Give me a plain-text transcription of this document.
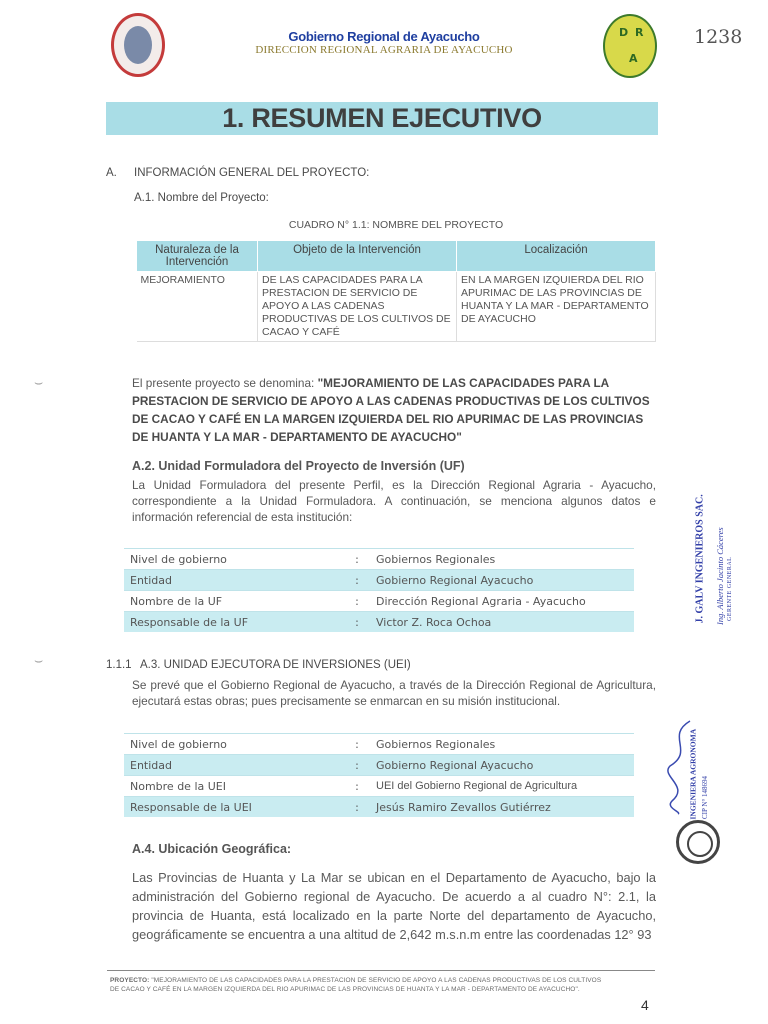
Gobierno Regional de Ayacucho
DIRECCION REGIONAL AGRARIA DE AYACUCHO
D R
A
1238
1. RESUMEN EJECUTIVO
A. INFORMACIÓN GENERAL DEL PROYECTO:
A.1. Nombre del Proyecto:
CUADRO N° 1.1: NOMBRE DEL PROYECTO
Naturaleza de la Intervención	Objeto de la Intervención	Localización
MEJORAMIENTO	DE LAS CAPACIDADES PARA LA PRESTACION DE SERVICIO DE APOYO A LAS CADENAS PRODUCTIVAS DE LOS CULTIVOS DE CACAO Y CAFÉ	EN LA MARGEN IZQUIERDA DEL RIO APURIMAC DE LAS PROVINCIAS DE HUANTA Y LA MAR - DEPARTAMENTO DE AYACUCHO
⌣	El presente proyecto se denomina: "MEJORAMIENTO DE LAS CAPACIDADES PARA LA PRESTACION DE SERVICIO DE APOYO A LAS CADENAS PRODUCTIVAS DE LOS CULTIVOS DE CACAO Y CAFÉ EN LA MARGEN IZQUIERDA DEL RIO APURIMAC DE LAS PROVINCIAS DE HUANTA Y LA MAR - DEPARTAMENTO DE AYACUCHO"
A.2. Unidad Formuladora del Proyecto de Inversión (UF)
La Unidad Formuladora del presente Perfil, es la Dirección Regional Agraria - Ayacucho, correspondiente a la Unidad Formuladora. A continuación, se menciona algunos datos e información referencial de esta institución:
Nivel de gobierno	:	Gobiernos Regionales
Entidad	:	Gobierno Regional Ayacucho
Nombre de la UF	:	Dirección Regional Agraria - Ayacucho
Responsable de la UF	:	Victor Z. Roca Ochoa	J. GALV INGENIEROS SAC. Ing. Alberto Jacinto Cáceres GERENTE GENERAL
⌣	1.1.1 A.3. UNIDAD EJECUTORA DE INVERSIONES (UEI)
Se prevé que el Gobierno Regional de Ayacucho, a través de la Dirección Regional de Agricultura, ejecutará estas obras; pues precisamente se enmarcan en su misión institucional.
Nivel de gobierno	:	Gobiernos Regionales
Entidad	:	Gobierno Regional Ayacucho
Nombre de la UEI	:	UEI del Gobierno Regional de Agricultura
Responsable de la UEI	:	Jesús Ramiro Zevallos Gutiérrez	INGENIERA AGRONOMA CIP N° 148694
A.4. Ubicación Geográfica:
Las Provincias de Huanta y La Mar se ubican en el Departamento de Ayacucho, bajo la administración del Gobierno regional de Ayacucho. De acuerdo a al cuadro N°: 2.1, la provincia de Huanta, está localizado en la parte Norte del departamento de Ayacucho, geográficamente se encuentra a una altitud de 2,642 m.s.n.m entre las coordenadas 12° 93
PROYECTO: "MEJORAMIENTO DE LAS CAPACIDADES PARA LA PRESTACION DE SERVICIO DE APOYO A LAS CADENAS PRODUCTIVAS DE LOS CULTIVOS DE CACAO Y CAFÉ EN LA MARGEN IZQUIERDA DEL RIO APURIMAC DE LAS PROVINCIAS DE HUANTA Y LA MAR - DEPARTAMENTO DE AYACUCHO".
4
